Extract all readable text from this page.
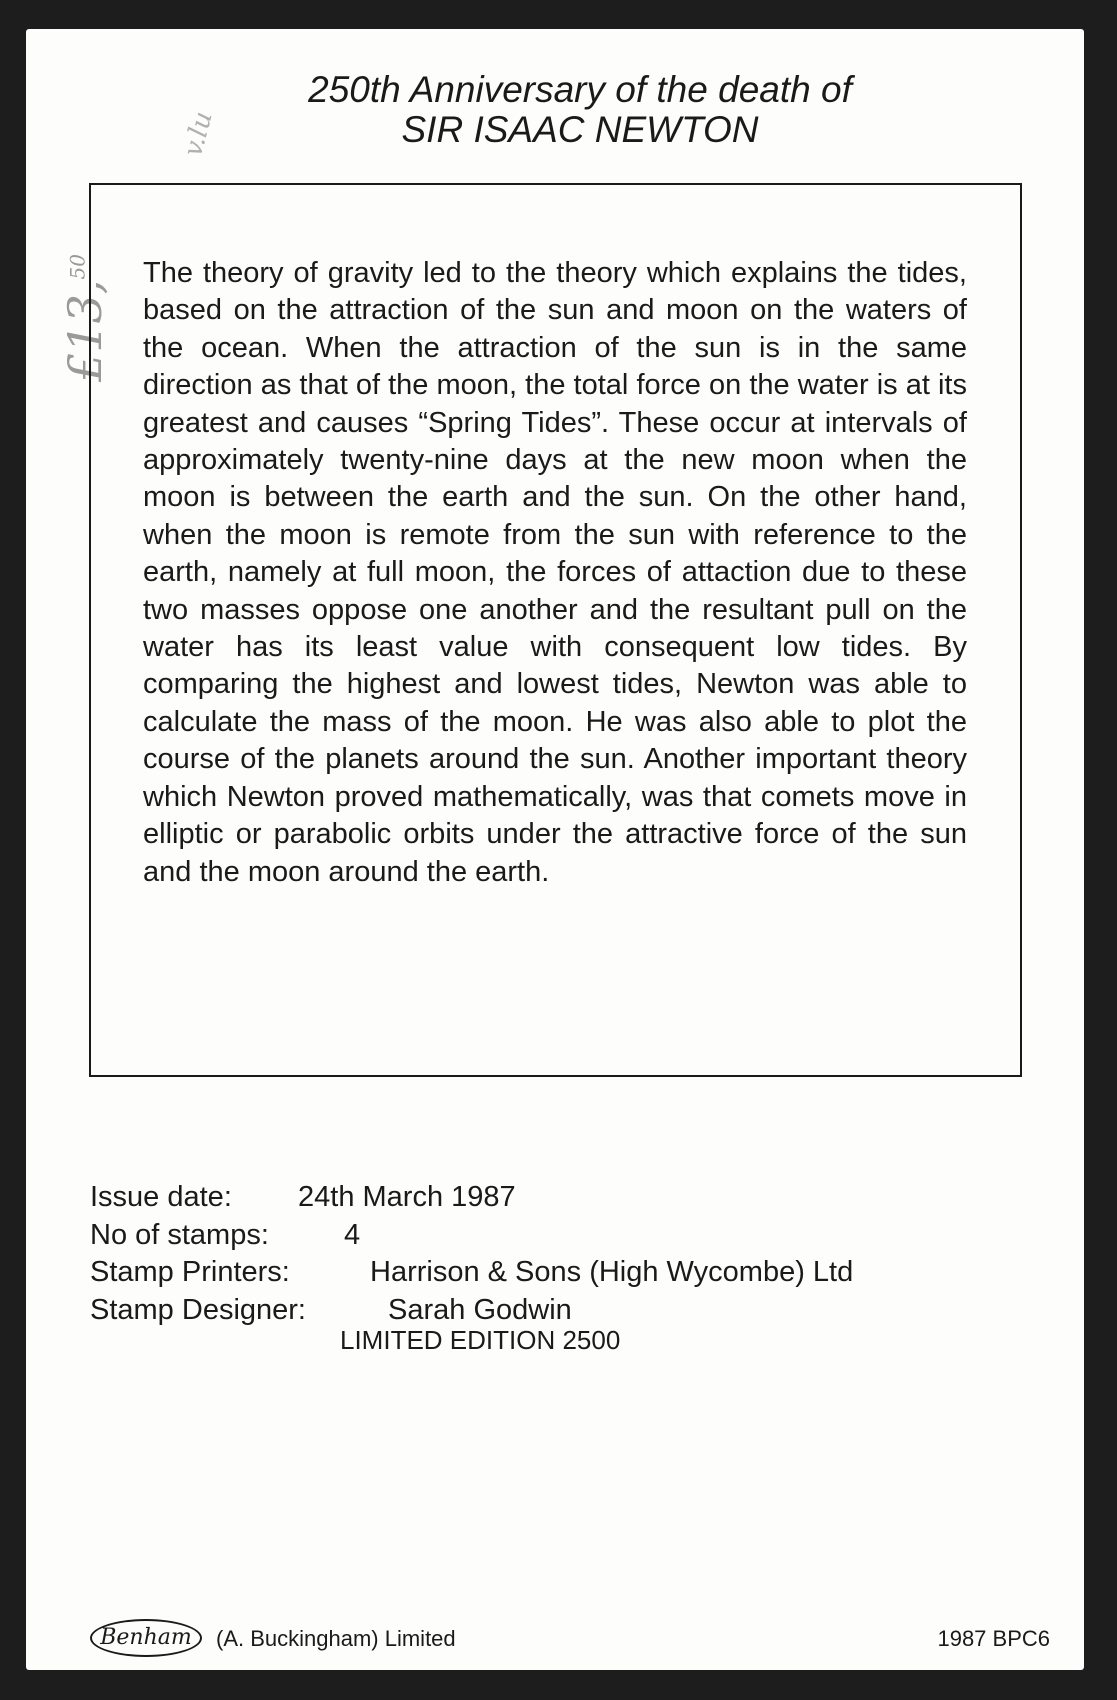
£13,50
v.lu
250th Anniversary of the death of
SIR ISAAC NEWTON

The theory of gravity led to the theory which explains the tides, based on the attraction of the sun and moon on the waters of the ocean. When the attraction of the sun is in the same direction as that of the moon, the total force on the water is at its greatest and causes “Spring Tides”. These occur at intervals of approximately twenty-nine days at the new moon when the moon is between the earth and the sun. On the other hand, when the moon is remote from the sun with reference to the earth, namely at full moon, the forces of attaction due to these two masses oppose one another and the resultant pull on the water has its least value with consequent low tides. By comparing the highest and lowest tides, Newton was able to calculate the mass of the moon. He was also able to plot the course of the planets around the sun. Another important theory which Newton proved mathematically, was that comets move in elliptic or parabolic orbits under the attractive force of the sun and the moon around the earth.

Issue date: 24th March 1987
No of stamps:	4
Stamp Printers:	Harrison & Sons (High Wycombe) Ltd
Stamp Designer:	Sarah Godwin
LIMITED EDITION 2500
Benham	(A. Buckingham) Limited	1987 BPC6
